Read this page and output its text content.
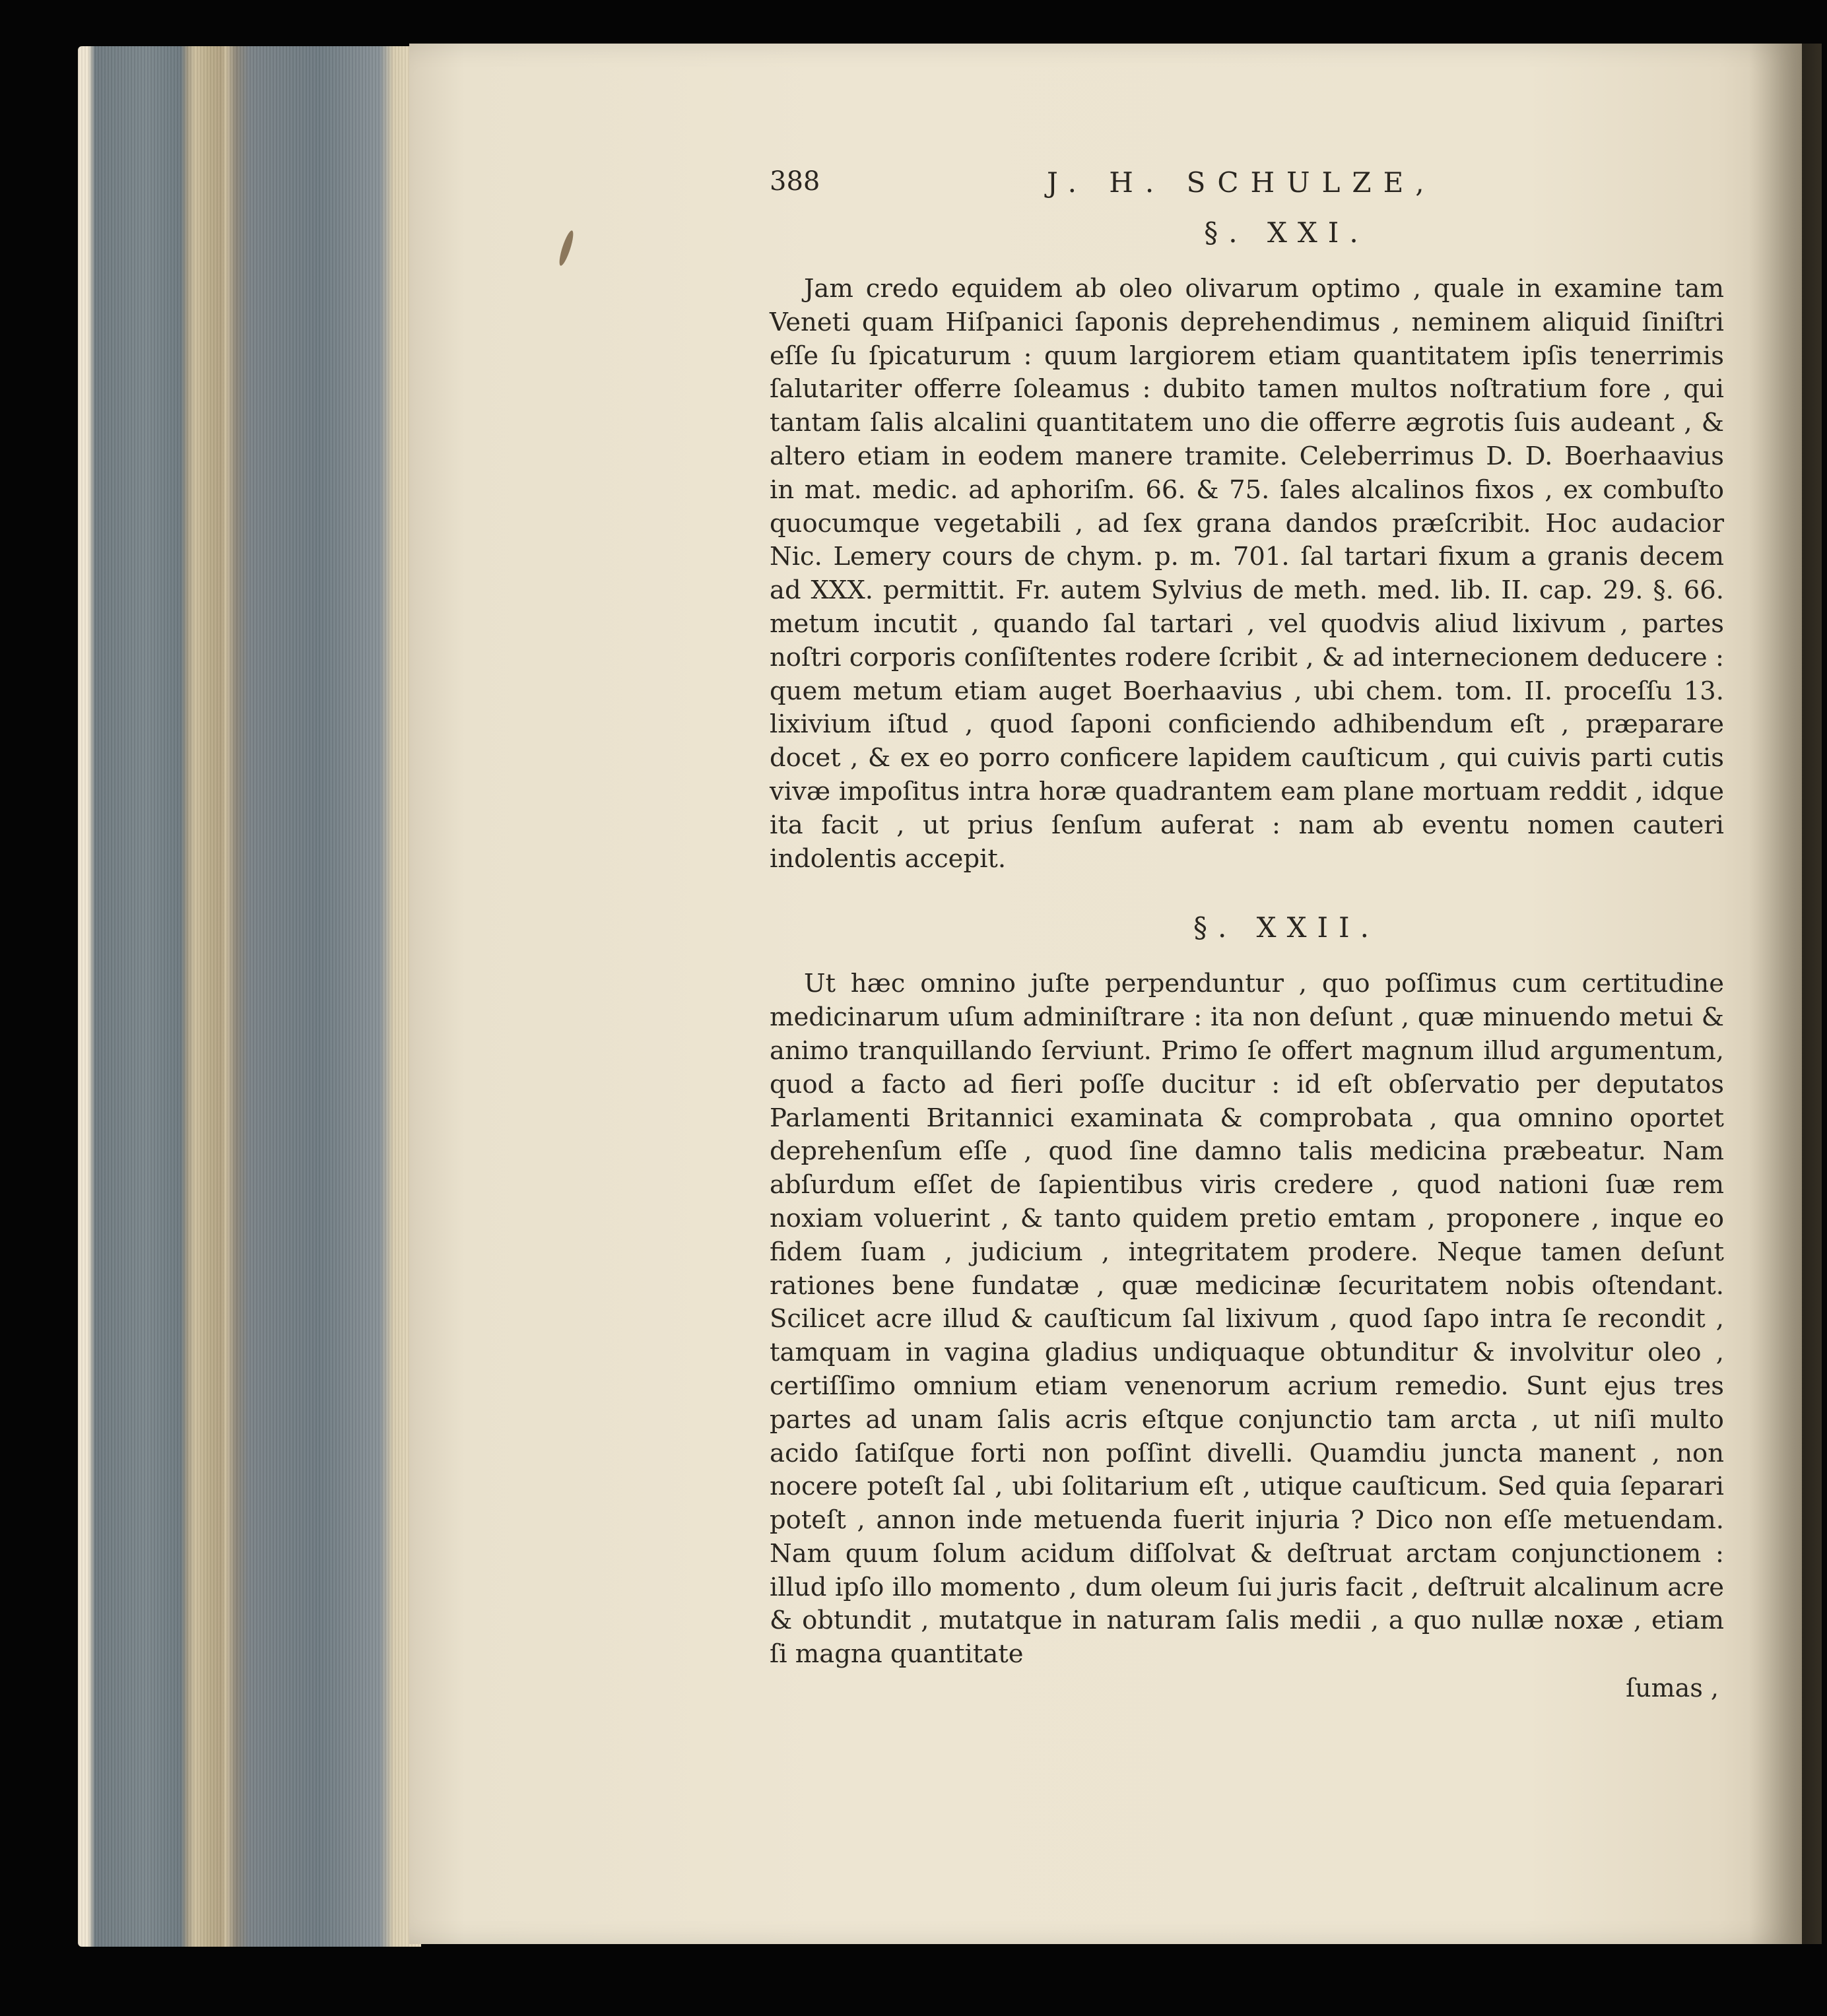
388	J. H. SCHULZE,
§. XXI.

Jam credo equidem ab oleo olivarum optimo , quale in examine tam Veneti quam Hiſpanici ſaponis deprehendimus , neminem aliquid ſiniſtri eſſe ſu ſpicaturum : quum largiorem etiam quantitatem ipſis tenerrimis ſalutariter offerre ſoleamus : dubito tamen multos noſtratium fore , qui tantam ſalis alcalini quantitatem uno die offerre ægrotis ſuis audeant , & altero etiam in eodem manere tramite. Celeberrimus D. D. Boerhaavius in mat. medic. ad aphoriſm. 66. & 75. ſales alcalinos fixos , ex combuſto quocumque vegetabili , ad ſex grana dandos præſcribit. Hoc audacior Nic. Lemery cours de chym. p. m. 701. ſal tartari fixum a granis decem ad XXX. permittit. Fr. autem Sylvius de meth. med. lib. II. cap. 29. §. 66. metum incutit , quando ſal tartari , vel quodvis aliud lixivum , partes noſtri corporis conſiſtentes rodere ſcribit , & ad internecionem deducere : quem metum etiam auget Boerhaavius , ubi chem. tom. II. proceſſu 13. lixivium iſtud , quod ſaponi conficiendo adhibendum eſt , præparare docet , & ex eo porro conficere lapidem cauſticum , qui cuivis parti cutis vivæ impoſitus intra horæ quadrantem eam plane mortuam reddit , idque ita facit , ut prius ſenſum auferat : nam ab eventu nomen cauteri indolentis accepit.

§. XXII.

Ut hæc omnino juſte perpenduntur , quo poſſimus cum certitudine medicinarum uſum adminiſtrare : ita non deſunt , quæ minuendo metui & animo tranquillando ſerviunt. Primo ſe offert magnum illud argumentum, quod a facto ad fieri poſſe ducitur : id eſt obſervatio per deputatos Parlamenti Britannici examinata & comprobata , qua omnino oportet deprehenſum eſſe , quod ſine damno talis medicina præbeatur. Nam abſurdum eſſet de ſapientibus viris credere , quod nationi ſuæ rem noxiam voluerint , & tanto quidem pretio emtam , proponere , inque eo fidem ſuam , judicium , integritatem prodere. Neque tamen deſunt rationes bene fundatæ , quæ medicinæ ſecuritatem nobis oſtendant. Scilicet acre illud & cauſticum ſal lixivum , quod ſapo intra ſe recondit , tamquam in vagina gladius undiquaque obtunditur & involvitur oleo , certiſſimo omnium etiam venenorum acrium remedio. Sunt ejus tres partes ad unam ſalis acris eſtque conjunctio tam arcta , ut niſi multo acido ſatiſque forti non poſſint divelli. Quamdiu juncta manent , non nocere poteſt ſal , ubi ſolitarium eſt , utique cauſticum. Sed quia ſeparari poteſt , annon inde metuenda fuerit injuria ? Dico non eſſe metuendam. Nam quum ſolum acidum diſſolvat & deſtruat arctam conjunctionem : illud ipſo illo momento , dum oleum ſui juris facit , deſtruit alcalinum acre & obtundit , mutatque in naturam ſalis medii , a quo nullæ noxæ , etiam ſi magna quantitate

ſumas ,
